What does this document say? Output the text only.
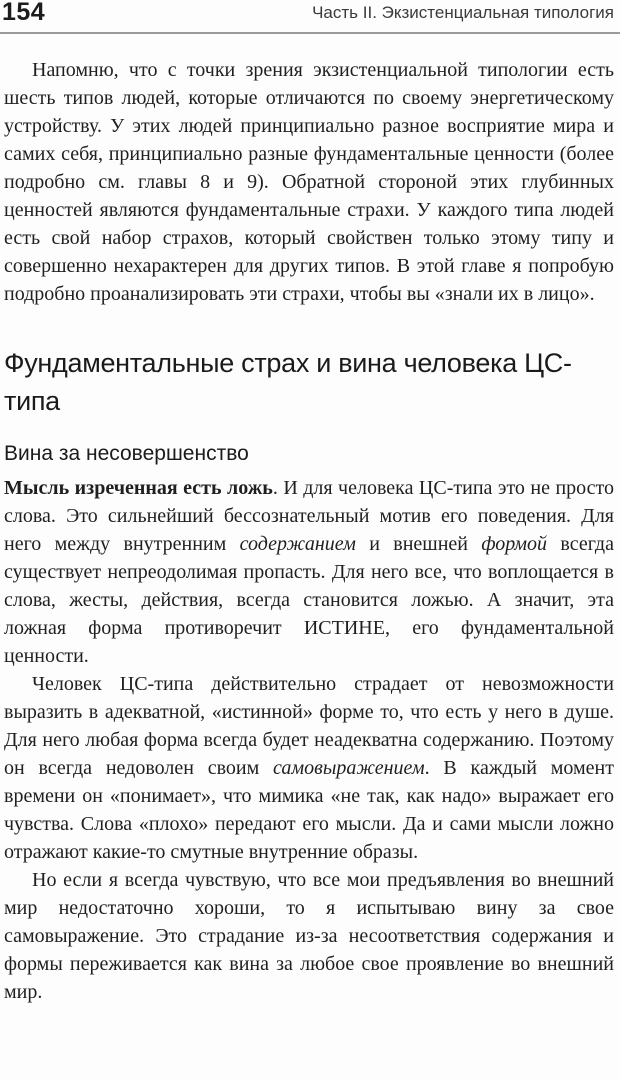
154	Часть II. Экзистенциальная типология

Напомню, что с точки зрения экзистенциальной типологии есть шесть типов людей, которые отличаются по своему энергетическому устройству. У этих людей принципиально разное восприятие мира и самих себя, принципиально разные фундаментальные ценности (более подробно см. главы 8 и 9). Обратной стороной этих глубинных ценностей являются фундаментальные страхи. У каждого типа людей есть свой набор страхов, который свойствен только этому типу и совершенно нехарактерен для других типов. В этой главе я попробую подробно проанализировать эти страхи, чтобы вы «знали их в лицо».

Фундаментальные страх и вина человека ЦС-типа
Вина за несовершенство

Мысль изреченная есть ложь. И для человека ЦС-типа это не просто слова. Это сильнейший бессознательный мотив его поведения. Для него между внутренним содержанием и внешней формой всегда существует непреодолимая пропасть. Для него все, что воплощается в слова, жесты, действия, всегда становится ложью. А значит, эта ложная форма противоречит ИСТИНЕ, его фундаментальной ценности.

Человек ЦС-типа действительно страдает от невозможности выразить в адекватной, «истинной» форме то, что есть у него в душе. Для него любая форма всегда будет неадекватна содержанию. Поэтому он всегда недоволен своим самовыражением. В каждый момент времени он «понимает», что мимика «не так, как надо» выражает его чувства. Слова «плохо» передают его мысли. Да и сами мысли ложно отражают какие-то смутные внутренние образы.

Но если я всегда чувствую, что все мои предъявления во внешний мир недостаточно хороши, то я испытываю вину за свое самовыражение. Это страдание из-за несоответствия содержания и формы переживается как вина за любое свое проявление во внешний мир.
